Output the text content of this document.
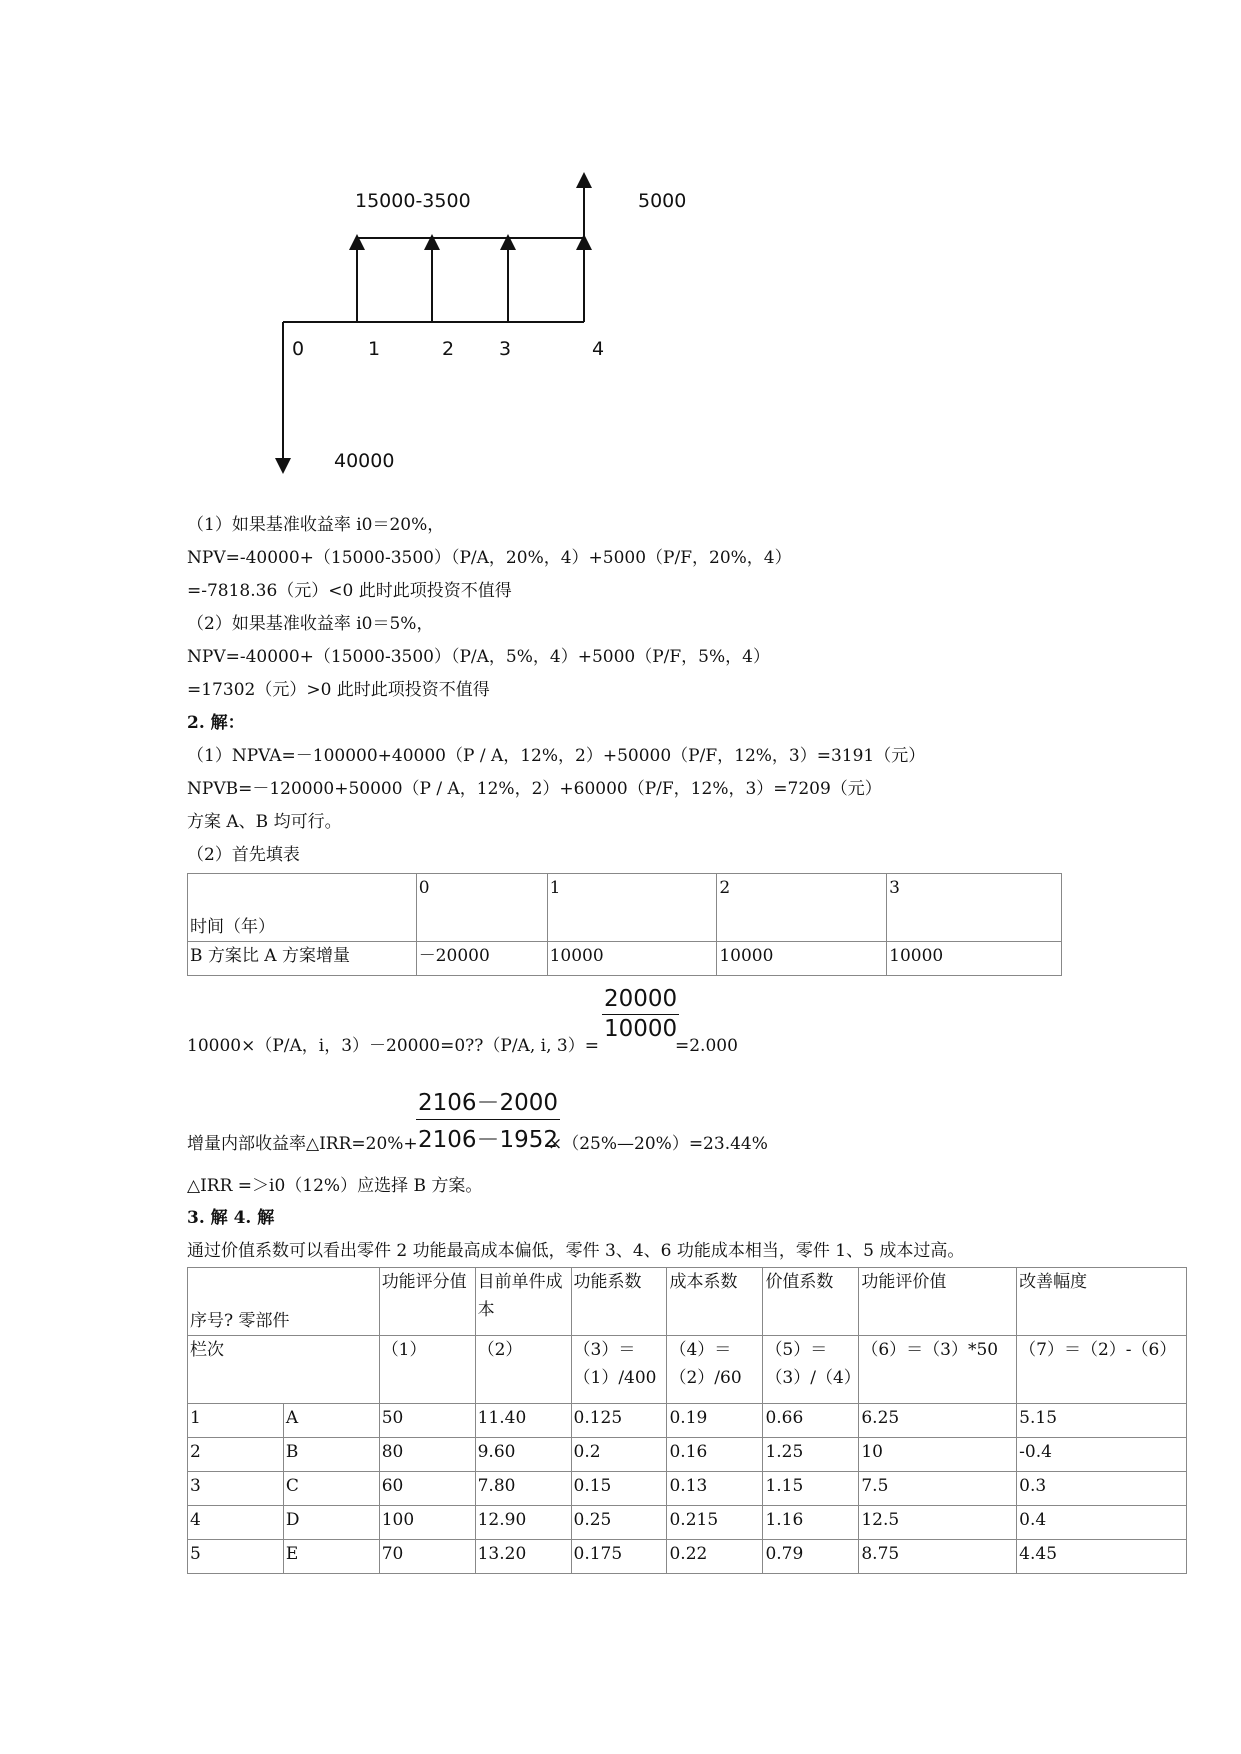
15000-3500	5000
40000
0	1	2 3	4
（1）如果基准收益率 i0＝20%，
NPV=-40000+（15000-3500）（P/A，20%，4）+5000（P/F，20%，4）
=-7818.36（元）<0 此时此项投资不值得
（2）如果基准收益率 i0＝5%，
NPV=-40000+（15000-3500）（P/A，5%，4）+5000（P/F，5%，4）
=17302（元）>0 此时此项投资不值得
2. 解：
（1）NPVA=－100000+40000（P / A，12%，2）+50000（P/F，12%，3）=3191（元）
NPVB=－120000+50000（P / A，12%，2）+60000（P/F，12%，3）=7209（元）
方案 A、B 均可行。
（2）首先填表
时间（年）	0	1	2	3
B 方案比 A 方案增量	－20000	10000	10000	10000
10000×（P/A，i，3）－20000=0??（P/A, i, 3）=
$\frac{20000}{10000}$
=2.000
增量内部收益率△IRR=20%+
$\frac{2106-2000}{2106-1952}$
×（25%—20%）=23.44%
△IRR =＞i0（12%）应选择 B 方案。
3. 解 4. 解
通过价值系数可以看出零件 2 功能最高成本偏低，零件 3、4、6 功能成本相当，零件 1、5 成本过高。
序号? 零部件		功能评分值	目前单件成本	功能系数	成本系数	价值系数	功能评价值	改善幅度
栏次		（1）	（2）	（3）＝（1）/400	（4）＝（2）/60	（5）＝（3）/（4）	（6）＝（3）*50	（7）＝（2）-（6）
1	A	50	11.40	0.125	0.19	0.66	6.25	5.15
2	B	80	9.60	0.2	0.16	1.25	10	-0.4
3	C	60	7.80	0.15	0.13	1.15	7.5	0.3
4	D	100	12.90	0.25	0.215	1.16	12.5	0.4
5	E	70	13.20	0.175	0.22	0.79	8.75	4.45
